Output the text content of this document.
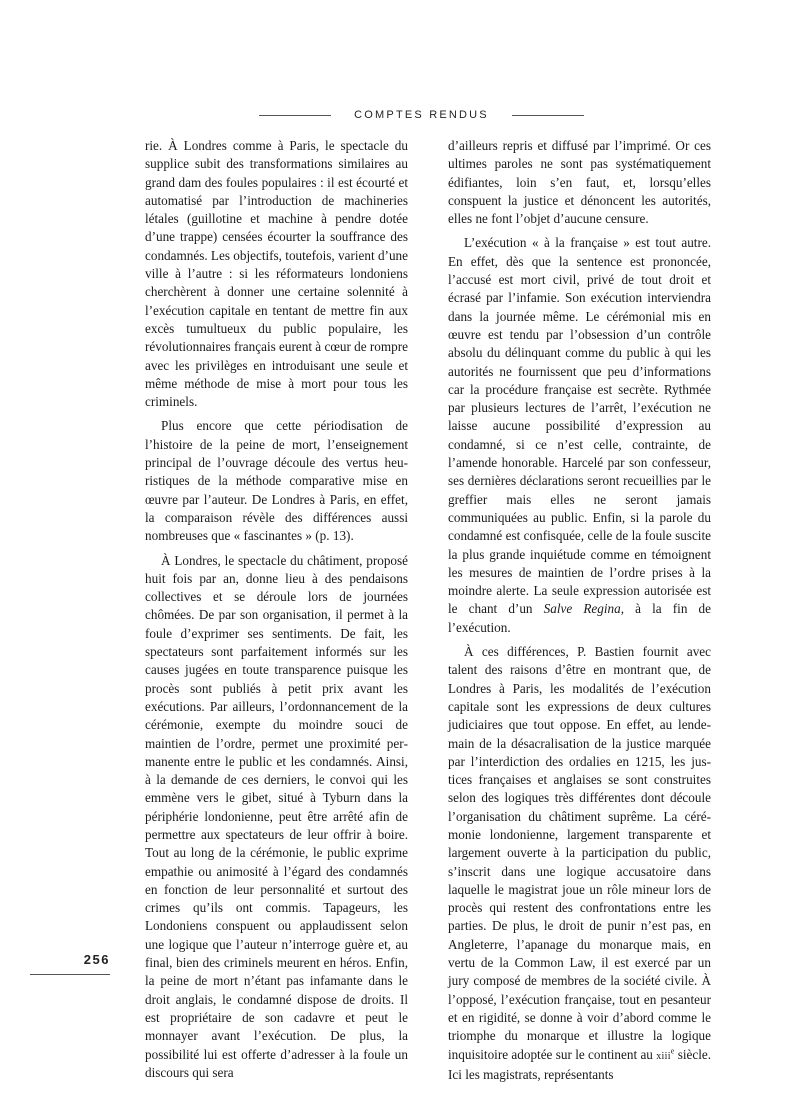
COMPTES RENDUS

rie. À Londres comme à Paris, le spectacle du supplice subit des transformations similaires au grand dam des foules populaires : il est écourté et automatisé par l’introduction de machineries létales (guillotine et machine à pendre dotée d’une trappe) censées écourter la souffrance des condamnés. Les objectifs, toutefois, varient d’une ville à l’autre : si les réformateurs londoniens cherchèrent à donner une certaine solennité à l’exécution capitale en tentant de mettre fin aux excès tumultueux du public populaire, les révolutionnaires français eurent à cœur de rompre avec les privilèges en introduisant une seule et même méthode de mise à mort pour tous les criminels.

Plus encore que cette périodisation de l’histoire de la peine de mort, l’enseignement principal de l’ouvrage découle des vertus heuristiques de la méthode comparative mise en œuvre par l’auteur. De Londres à Paris, en effet, la comparaison révèle des différences aussi nombreuses que « fascinantes » (p. 13).

À Londres, le spectacle du châtiment, proposé huit fois par an, donne lieu à des pendaisons collectives et se déroule lors de journées chômées. De par son organisation, il permet à la foule d’exprimer ses sentiments. De fait, les spectateurs sont parfaitement informés sur les causes jugées en toute transparence puisque les procès sont publiés à petit prix avant les exécutions. Par ailleurs, l’ordonnancement de la cérémonie, exempte du moindre souci de maintien de l’ordre, permet une proximité permanente entre le public et les condamnés. Ainsi, à la demande de ces derniers, le convoi qui les emmène vers le gibet, situé à Tyburn dans la périphérie londonienne, peut être arrêté afin de permettre aux spectateurs de leur offrir à boire. Tout au long de la cérémonie, le public exprime empathie ou animosité à l’égard des condamnés en fonction de leur personnalité et surtout des crimes qu’ils ont commis. Tapageurs, les Londoniens conspuent ou applaudissent selon une logique que l’auteur n’interroge guère et, au final, bien des criminels meurent en héros. Enfin, la peine de mort n’étant pas infamante dans le droit anglais, le condamné dispose de droits. Il est propriétaire de son cadavre et peut le monnayer avant l’exécution. De plus, la possibilité lui est offerte d’adresser à la foule un discours qui sera

d’ailleurs repris et diffusé par l’imprimé. Or ces ultimes paroles ne sont pas systématiquement édifiantes, loin s’en faut, et, lorsqu’elles conspuent la justice et dénoncent les autorités, elles ne font l’objet d’aucune censure.

L’exécution « à la française » est tout autre. En effet, dès que la sentence est prononcée, l’accusé est mort civil, privé de tout droit et écrasé par l’infamie. Son exécution interviendra dans la journée même. Le cérémonial mis en œuvre est tendu par l’obsession d’un contrôle absolu du délinquant comme du public à qui les autorités ne fournissent que peu d’informations car la procédure française est secrète. Rythmée par plusieurs lectures de l’arrêt, l’exécution ne laisse aucune possibilité d’expression au condamné, si ce n’est celle, contrainte, de l’amende honorable. Harcelé par son confesseur, ses dernières déclarations seront recueillies par le greffier mais elles ne seront jamais communiquées au public. Enfin, si la parole du condamné est confisquée, celle de la foule suscite la plus grande inquiétude comme en témoignent les mesures de maintien de l’ordre prises à la moindre alerte. La seule expression autorisée est le chant d’un Salve Regina, à la fin de l’exécution.

À ces différences, P. Bastien fournit avec talent des raisons d’être en montrant que, de Londres à Paris, les modalités de l’exécution capitale sont les expressions de deux cultures judiciaires que tout oppose. En effet, au lendemain de la désacralisation de la justice marquée par l’interdiction des ordalies en 1215, les justices françaises et anglaises se sont construites selon des logiques très différentes dont découle l’organisation du châtiment suprême. La cérémonie londonienne, largement transparente et largement ouverte à la participation du public, s’inscrit dans une logique accusatoire dans laquelle le magistrat joue un rôle mineur lors de procès qui restent des confrontations entre les parties. De plus, le droit de punir n’est pas, en Angleterre, l’apanage du monarque mais, en vertu de la Common Law, il est exercé par un jury composé de membres de la société civile. À l’opposé, l’exécution française, tout en pesanteur et en rigidité, se donne à voir d’abord comme le triomphe du monarque et illustre la logique inquisitoire adoptée sur le continent au xiii$^e$ siècle. Ici les magistrats, représentants

256
